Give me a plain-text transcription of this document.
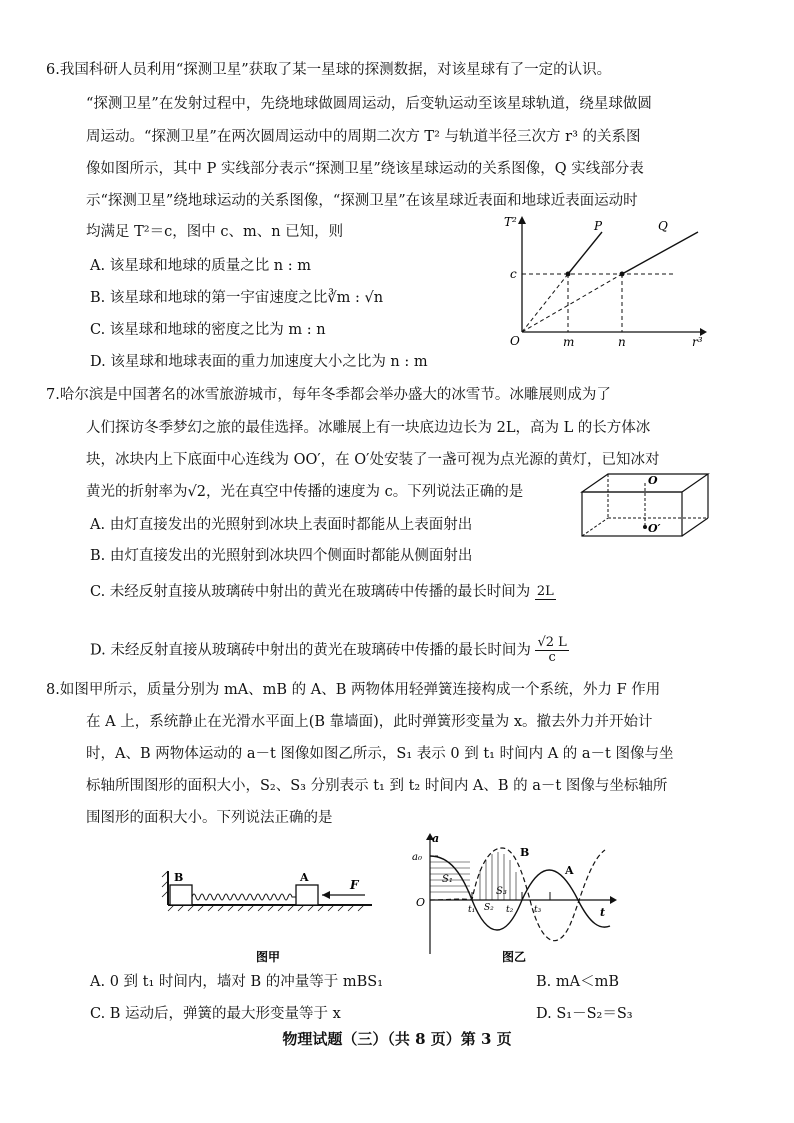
6.我国科研人员利用“探测卫星”获取了某一星球的探测数据，对该星球有了一定的认识。
“探测卫星”在发射过程中，先绕地球做圆周运动，后变轨运动至该星球轨道，绕星球做圆
周运动。“探测卫星”在两次圆周运动中的周期二次方 T² 与轨道半径三次方 r³ 的关系图
像如图所示，其中 P 实线部分表示“探测卫星”绕该星球运动的关系图像，Q 实线部分表
示“探测卫星”绕地球运动的关系图像，“探测卫星”在该星球近表面和地球近表面运动时
均满足 T²＝c，图中 c、m、n 已知，则
A. 该星球和地球的质量之比 n : m
B. 该星球和地球的第一宇宙速度之比∛m : √n
C. 该星球和地球的密度之比为 m : n
D. 该星球和地球表面的重力加速度大小之比为 n : m
T²
r³
O
c
m	n
P	Q
7.哈尔滨是中国著名的冰雪旅游城市，每年冬季都会举办盛大的冰雪节。冰雕展则成为了
人们探访冬季梦幻之旅的最佳选择。冰雕展上有一块底边边长为 2L，高为 L 的长方体冰
块，冰块内上下底面中心连线为 OO′，在 O′处安装了一盏可视为点光源的黄灯，已知冰对
黄光的折射率为√2，光在真空中传播的速度为 c。下列说法正确的是
A. 由灯直接发出的光照射到冰块上表面时都能从上表面射出
B. 由灯直接发出的光照射到冰块四个侧面时都能从侧面射出
C. 未经反射直接从玻璃砖中射出的黄光在玻璃砖中传播的最长时间为 2L
D. 未经反射直接从玻璃砖中射出的黄光在玻璃砖中传播的最长时间为 $\frac{√2 L}{c}$
O
O′
8.如图甲所示，质量分别为 mA、mB 的 A、B 两物体用轻弹簧连接构成一个系统，外力 F 作用
在 A 上，系统静止在光滑水平面上(B 靠墙面)，此时弹簧形变量为 x。撤去外力并开始计
时，A、B 两物体运动的 a－t 图像如图乙所示，S₁ 表示 0 到 t₁ 时间内 A 的 a－t 图像与坐
标轴所围图形的面积大小，S₂、S₃ 分别表示 t₁ 到 t₂ 时间内 A、B 的 a－t 图像与坐标轴所
围图形的面积大小。下列说法正确的是
B	A
F
图甲
a
a₀
O
t
t₁	t₂ t₃
S₁
S₂
S₃
A
B
图乙
A. 0 到 t₁ 时间内，墙对 B 的冲量等于 mBS₁	B. mA＜mB
C. B 运动后，弹簧的最大形变量等于 x	D. S₁－S₂＝S₃
物理试题（三）（共 8 页）第 3 页
